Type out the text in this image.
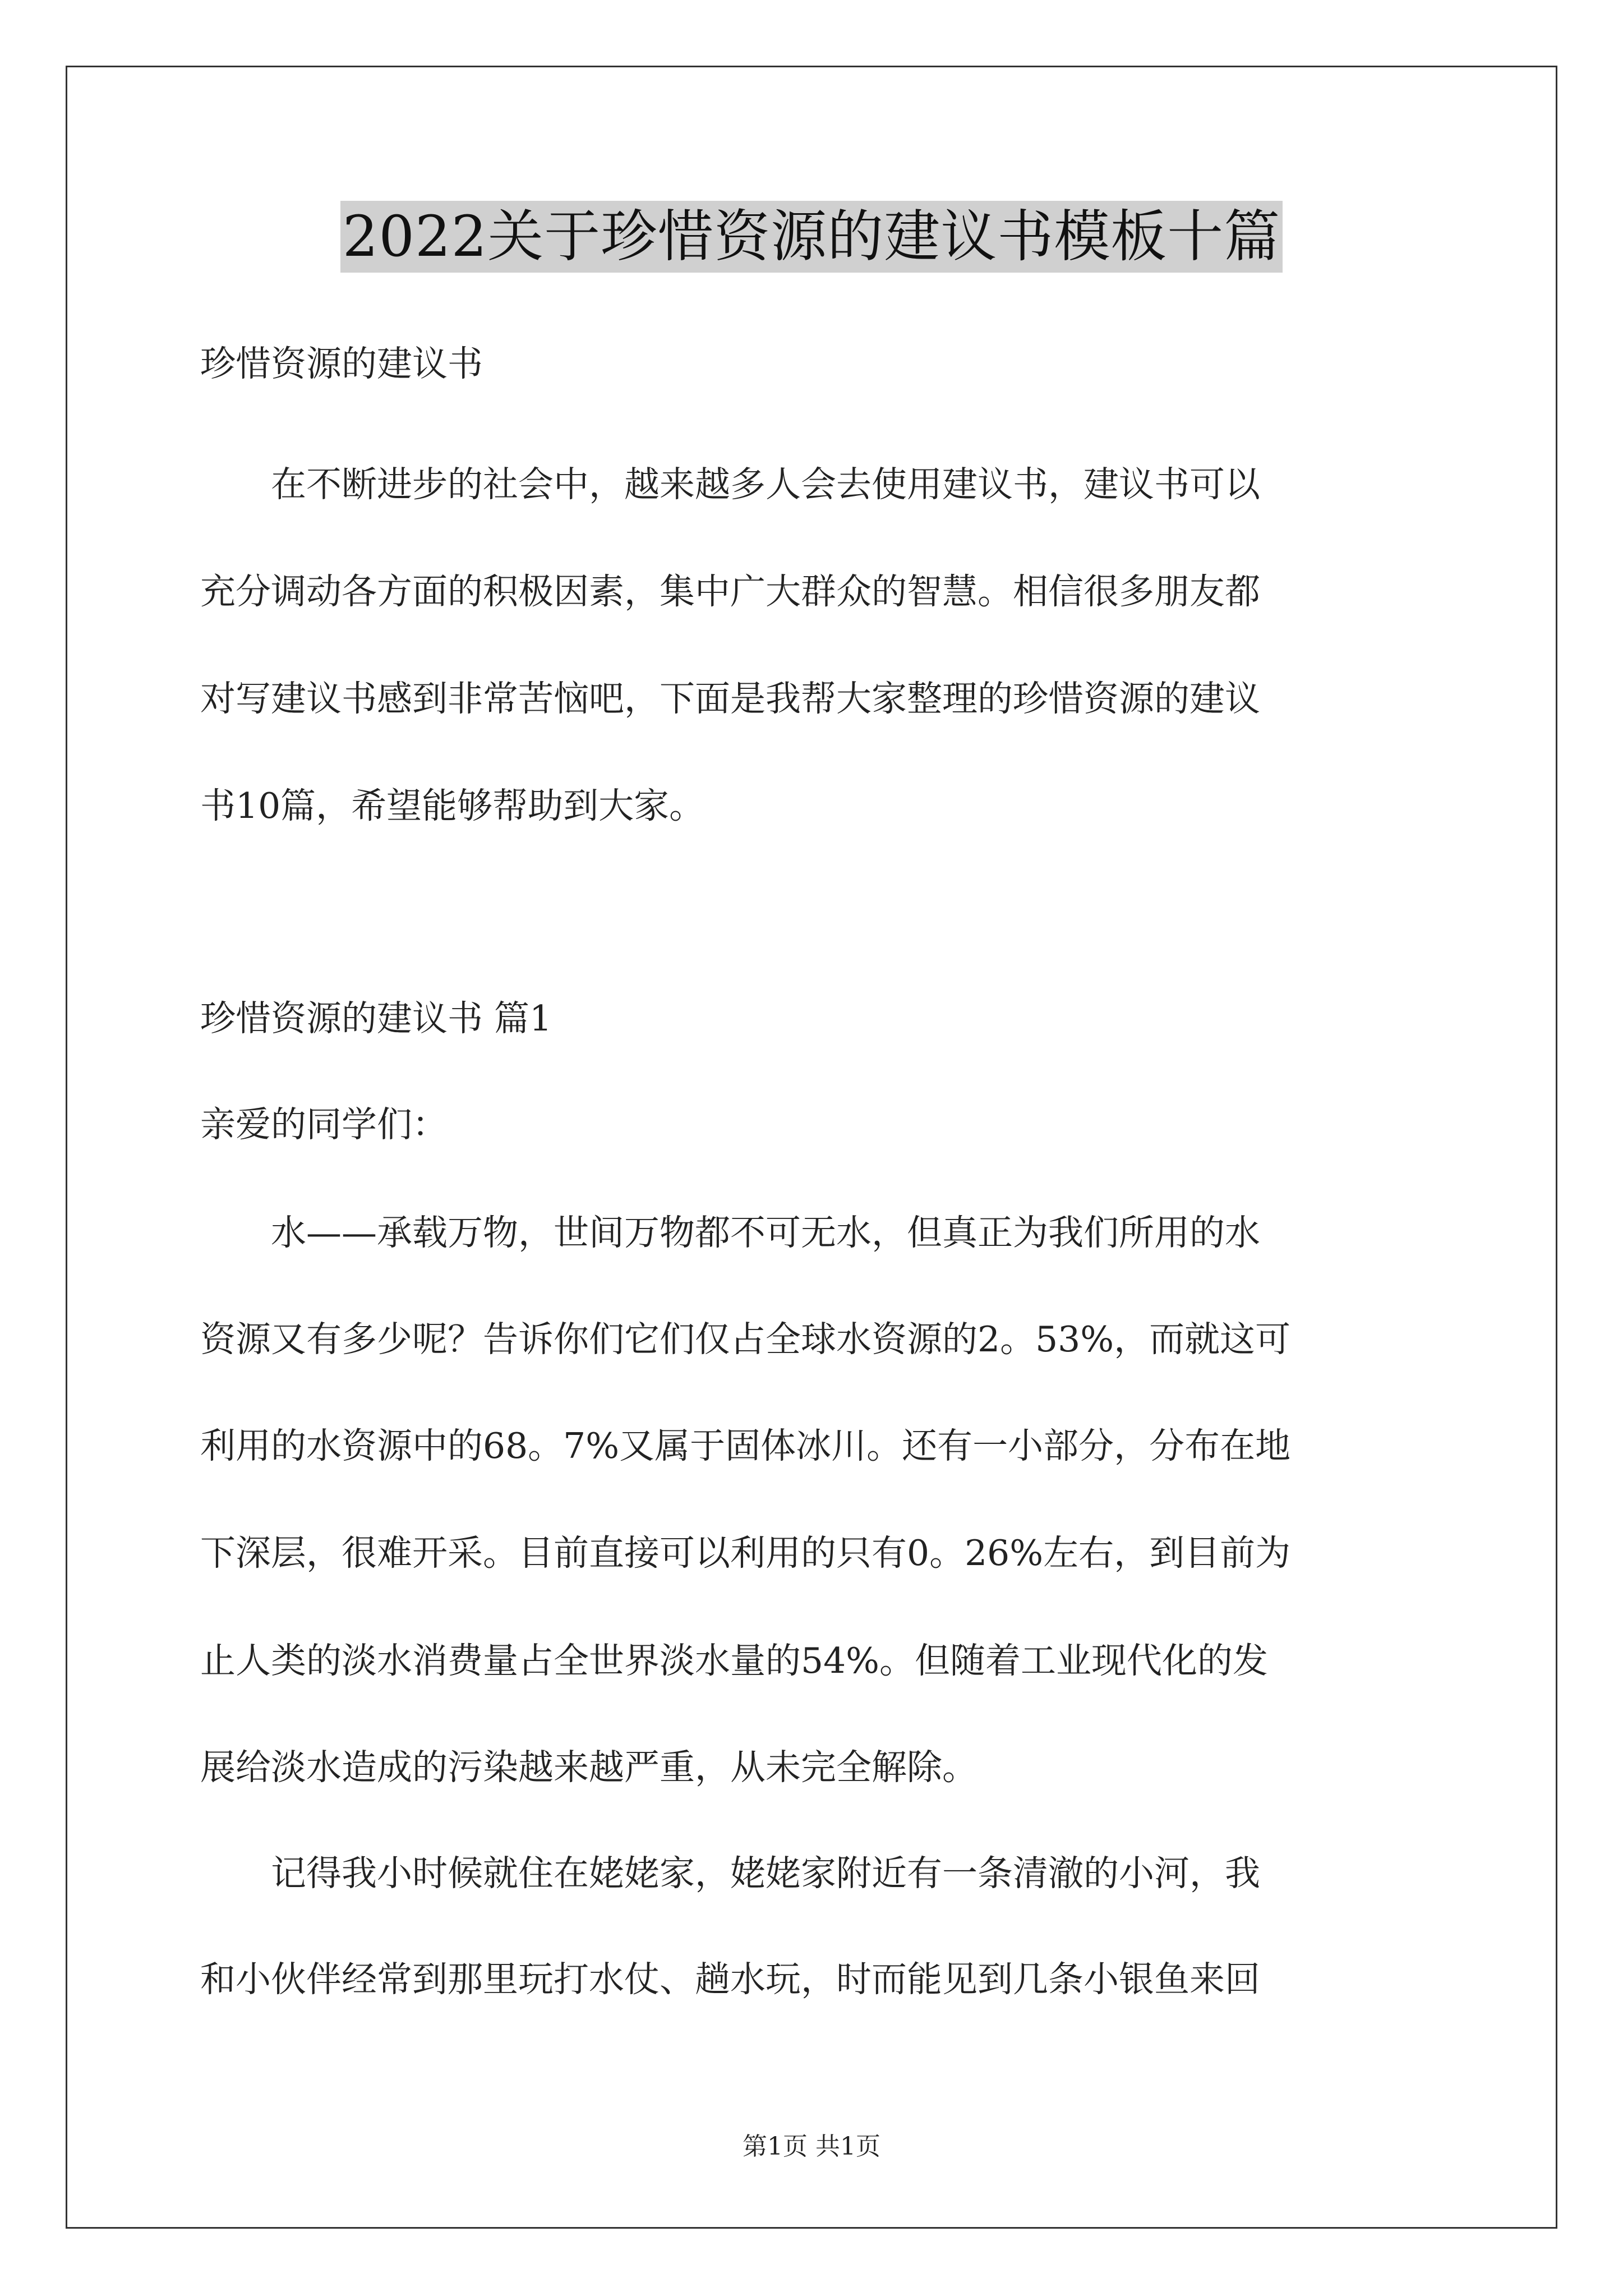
2022关于珍惜资源的建议书模板十篇

珍惜资源的建议书

　　在不断进步的社会中，越来越多人会去使用建议书，建议书可以

充分调动各方面的积极因素，集中广大群众的智慧。相信很多朋友都

对写建议书感到非常苦恼吧，下面是我帮大家整理的珍惜资源的建议

书10篇，希望能够帮助到大家。

珍惜资源的建议书 篇1

亲爱的同学们：

　　水——承载万物，世间万物都不可无水，但真正为我们所用的水

资源又有多少呢？告诉你们它们仅占全球水资源的2。53%，而就这可

利用的水资源中的68。7%又属于固体冰川。还有一小部分，分布在地

下深层，很难开采。目前直接可以利用的只有0。26%左右，到目前为

止人类的淡水消费量占全世界淡水量的54%。但随着工业现代化的发

展给淡水造成的污染越来越严重，从未完全解除。

　　记得我小时候就住在姥姥家，姥姥家附近有一条清澈的小河，我

和小伙伴经常到那里玩打水仗、趟水玩，时而能见到几条小银鱼来回

第1页 共1页
